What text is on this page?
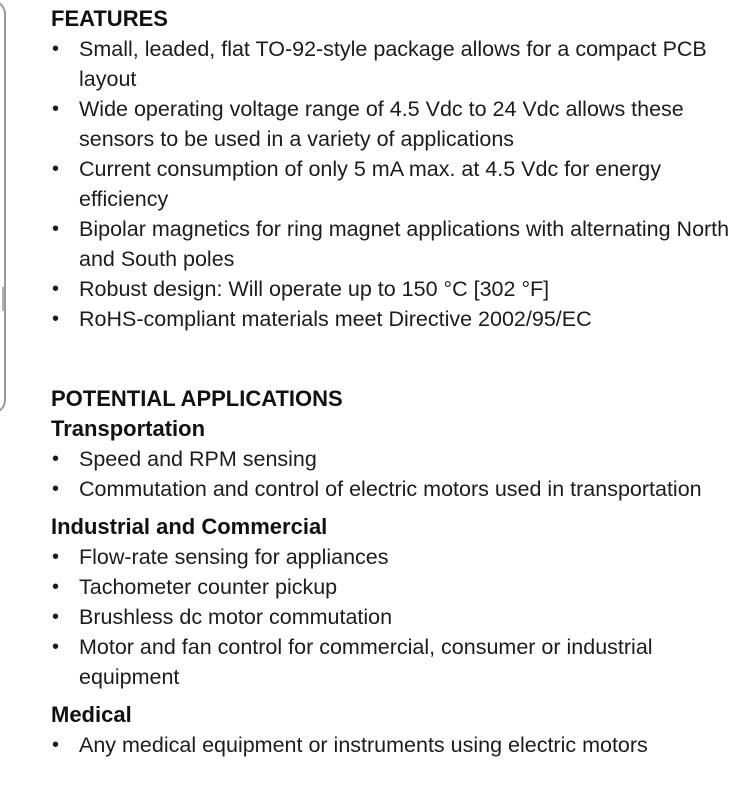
FEATURES
• Small, leaded, flat TO-92-style package allows for a compact PCB layout
• Wide operating voltage range of 4.5 Vdc to 24 Vdc allows these sensors to be used in a variety of applications
• Current consumption of only 5 mA max. at 4.5 Vdc for energy efficiency
• Bipolar magnetics for ring magnet applications with alternating North and South poles
• Robust design: Will operate up to 150 °C [302 °F]
• RoHS-compliant materials meet Directive 2002/95/EC
POTENTIAL APPLICATIONS
Transportation
• Speed and RPM sensing
• Commutation and control of electric motors used in transportation
Industrial and Commercial
• Flow-rate sensing for appliances
• Tachometer counter pickup
• Brushless dc motor commutation
• Motor and fan control for commercial, consumer or industrial equipment
Medical
• Any medical equipment or instruments using electric motors
